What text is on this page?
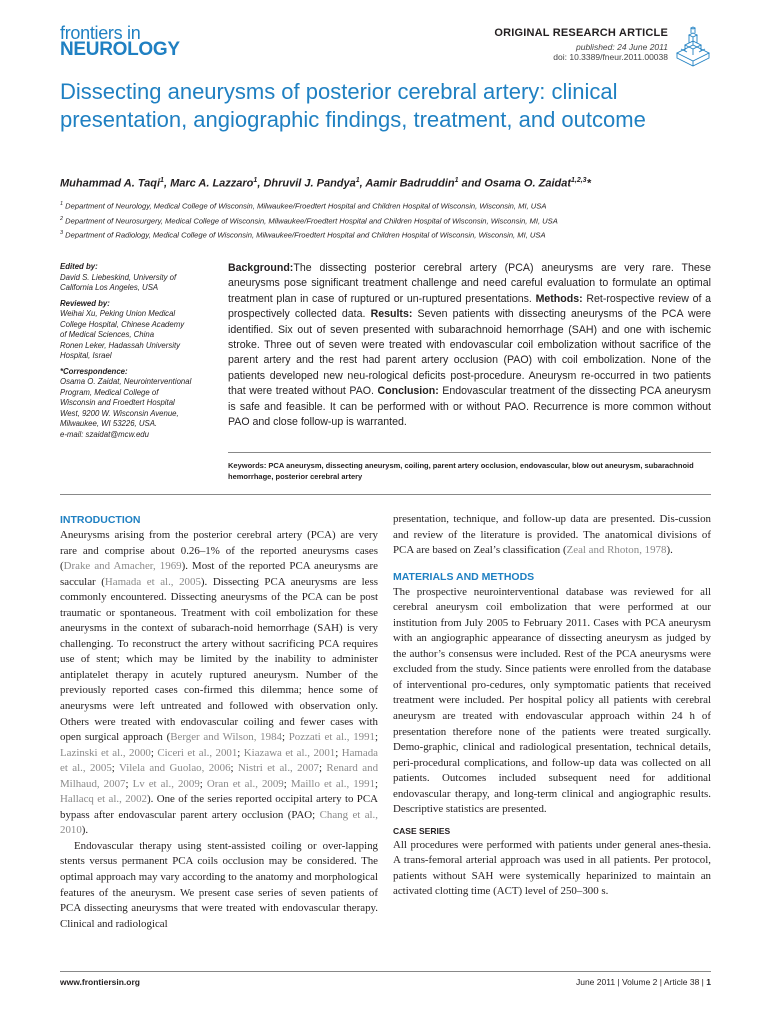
frontiers in
NEUROLOGY
ORIGINAL RESEARCH ARTICLE
published: 24 June 2011
doi: 10.3389/fneur.2011.00038
Dissecting aneurysms of posterior cerebral artery: clinical presentation, angiographic findings, treatment, and outcome
Muhammad A. Taqi$^1$, Marc A. Lazzaro$^1$, Dhruvil J. Pandya$^1$, Aamir Badruddin$^1$ and Osama O. Zaidat$^{1,2,3}$*
$^1$ Department of Neurology, Medical College of Wisconsin, Milwaukee/Froedtert Hospital and Children Hospital of Wisconsin, Wisconsin, MI, USA
$^2$ Department of Neurosurgery, Medical College of Wisconsin, Milwaukee/Froedtert Hospital and Children Hospital of Wisconsin, Wisconsin, MI, USA
$^3$ Department of Radiology, Medical College of Wisconsin, Milwaukee/Froedtert Hospital and Children Hospital of Wisconsin, Wisconsin, MI, USA
Edited by:

David S. Liebeskind, University of
California Los Angeles, USA

Reviewed by:

Weihai Xu, Peking Union Medical
College Hospital, Chinese Academy
of Medical Sciences, China
Ronen Leker, Hadassah University
Hospital, Israel

*Correspondence:

Osama O. Zaidat, Neurointerventional
Program, Medical College of
Wisconsin and Froedtert Hospital
West, 9200 W. Wisconsin Avenue,
Milwaukee, WI 53226, USA.
e-mail: szaidat@mcw.edu

Background:The dissecting posterior cerebral artery (PCA) aneurysms are very rare. These aneurysms pose significant treatment challenge and need careful evaluation to formulate an optimal treatment plan in case of ruptured or un-ruptured presentations. Methods: Ret-rospective review of a prospectively collected data. Results: Seven patients with dissecting aneurysms of the PCA were identified. Six out of seven presented with subarachnoid hemorrhage (SAH) and one with ischemic stroke. Three out of seven were treated with endovascular coil embolization without sacrifice of the parent artery and the rest had parent artery occlusion (PAO) with coil embolization. None of the patients developed new neu-rological deficits post-procedure. Aneurysm re-occurred in two patients that were treated without PAO. Conclusion: Endovascular treatment of the dissecting PCA aneurysm is safe and feasible. It can be performed with or without PAO. Recurrence is more common without PAO and close follow-up is warranted.
Keywords: PCA aneurysm, dissecting aneurysm, coiling, parent artery occlusion, endovascular, blow out aneurysm, subarachnoid hemorrhage, posterior cerebral artery
INTRODUCTION

Aneurysms arising from the posterior cerebral artery (PCA) are very rare and comprise about 0.26–1% of the reported aneurysms cases (Drake and Amacher, 1969). Most of the reported PCA aneurysms are saccular (Hamada et al., 2005). Dissecting PCA aneurysms are less commonly encountered. Dissecting aneurysms of the PCA can be post traumatic or spontaneous. Treatment with coil embolization for these aneurysms in the context of subarach-noid hemorrhage (SAH) is very challenging. To reconstruct the artery without sacrificing PCA requires use of stent; which may be limited by the inability to administer antiplatelet therapy in acutely ruptured aneurysm. Number of the previously reported cases con-firmed this dilemma; hence some of aneurysms were left untreated and followed with observation only. Others were treated with endovascular coiling and fewer cases with open surgical approach (Berger and Wilson, 1984; Pozzati et al., 1991; Lazinski et al., 2000; Ciceri et al., 2001; Kiazawa et al., 2001; Hamada et al., 2005; Vilela and Guolao, 2006; Nistri et al., 2007; Renard and Milhaud, 2007; Lv et al., 2009; Oran et al., 2009; Maillo et al., 1991; Hallacq et al., 2002). One of the series reported occipital artery to PCA bypass after endovascular parent artery occlusion (PAO; Chang et al., 2010).

Endovascular therapy using stent-assisted coiling or over-lapping stents versus permanent PCA coils occlusion may be considered. The optimal approach may vary according to the anatomy and morphological features of the aneurysm. We present case series of seven patients of PCA dissecting aneurysms that were treated with endovascular therapy. Clinical and radiological

presentation, technique, and follow-up data are presented. Dis-cussion and review of the literature is provided. The anatomical divisions of PCA are based on Zeal’s classification (Zeal and Rhoton, 1978).

MATERIALS AND METHODS

The prospective neurointerventional database was reviewed for all cerebral aneurysm coil embolization that were performed at our institution from July 2005 to February 2011. Cases with PCA aneurysm with an angiographic appearance of dissecting aneurysm as judged by the author’s consensus were included. Rest of the PCA aneurysms were excluded from the study. Since patients were enrolled from the database of interventional pro-cedures, only symptomatic patients that received treatment were included. Per hospital policy all patients with cerebral aneurysm are treated with endovascular approach within 24 h of presentation therefore none of the patients were treated surgically. Demo-graphic, clinical and radiological presentation, technical details, peri-procedural complications, and follow-up data was collected on all patients. Outcomes included subsequent need for additional endovascular therapy, and long-term clinical and angiographic results. Descriptive statistics are presented.

CASE SERIES

All procedures were performed with patients under general anes-thesia. A trans-femoral arterial approach was used in all patients. Per protocol, patients without SAH were systemically heparinized to maintain an activated clotting time (ACT) level of 250–300 s.

www.frontiersin.org	June 2011 | Volume 2 | Article 38 | 1
